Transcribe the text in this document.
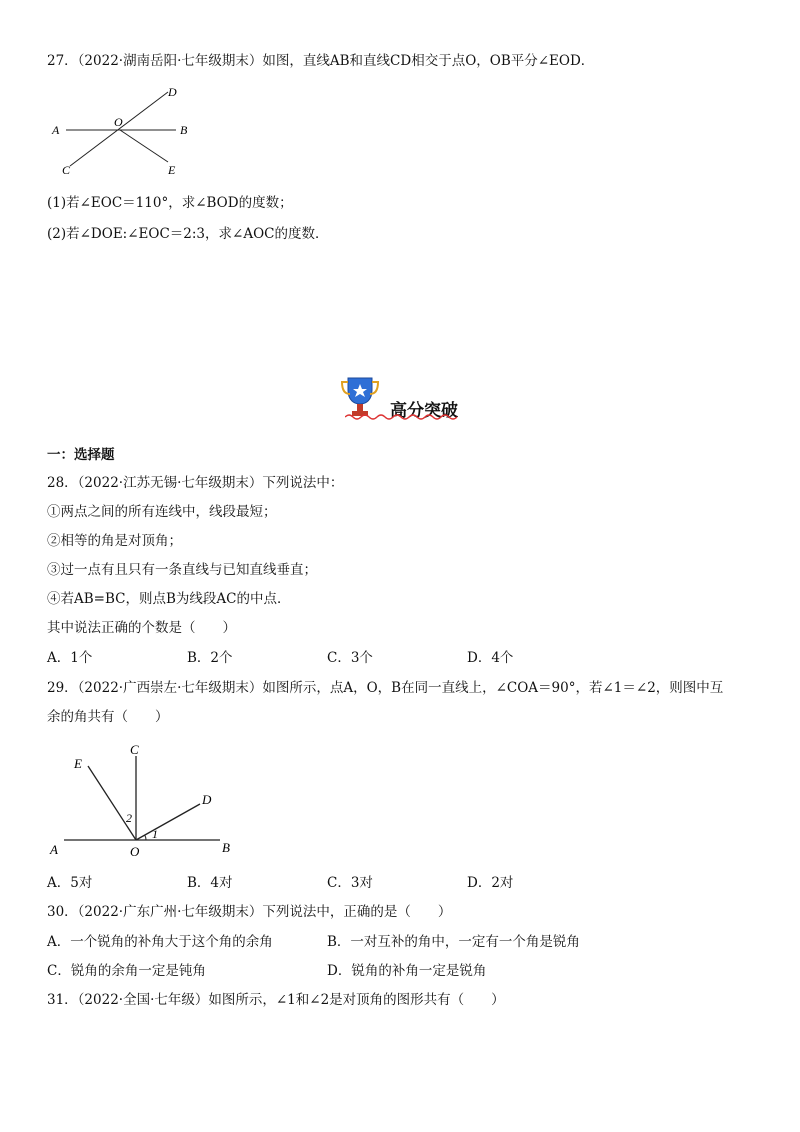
27．（2022·湖南岳阳·七年级期末）如图，直线AB和直线CD相交于点O，OB平分∠EOD．
D
A
O
B
C	E
(1)若∠EOC＝110°，求∠BOD的度数；
(2)若∠DOE:∠EOC＝2:3，求∠AOC的度数．
高分突破
一：选择题
28．（2022·江苏无锡·七年级期末）下列说法中：
①两点之间的所有连线中，线段最短；
②相等的角是对顶角；
③过一点有且只有一条直线与已知直线垂直；
④若AB=BC，则点B为线段AC的中点．
其中说法正确的个数是（　　）
A．1个	B．2个	C．3个	D．4个
29．（2022·广西崇左·七年级期末）如图所示，点A，O，B在同一直线上，∠COA＝90°，若∠1＝∠2，则图中互
余的角共有（　　）
C
E
D
2
1
A	O	B
A．5对	B．4对	C．3对	D．2对
30．（2022·广东广州·七年级期末）下列说法中，正确的是（　　）
A．一个锐角的补角大于这个角的余角	B．一对互补的角中，一定有一个角是锐角
C．锐角的余角一定是钝角	D．锐角的补角一定是锐角
31．（2022·全国·七年级）如图所示，∠1和∠2是对顶角的图形共有（　　）
